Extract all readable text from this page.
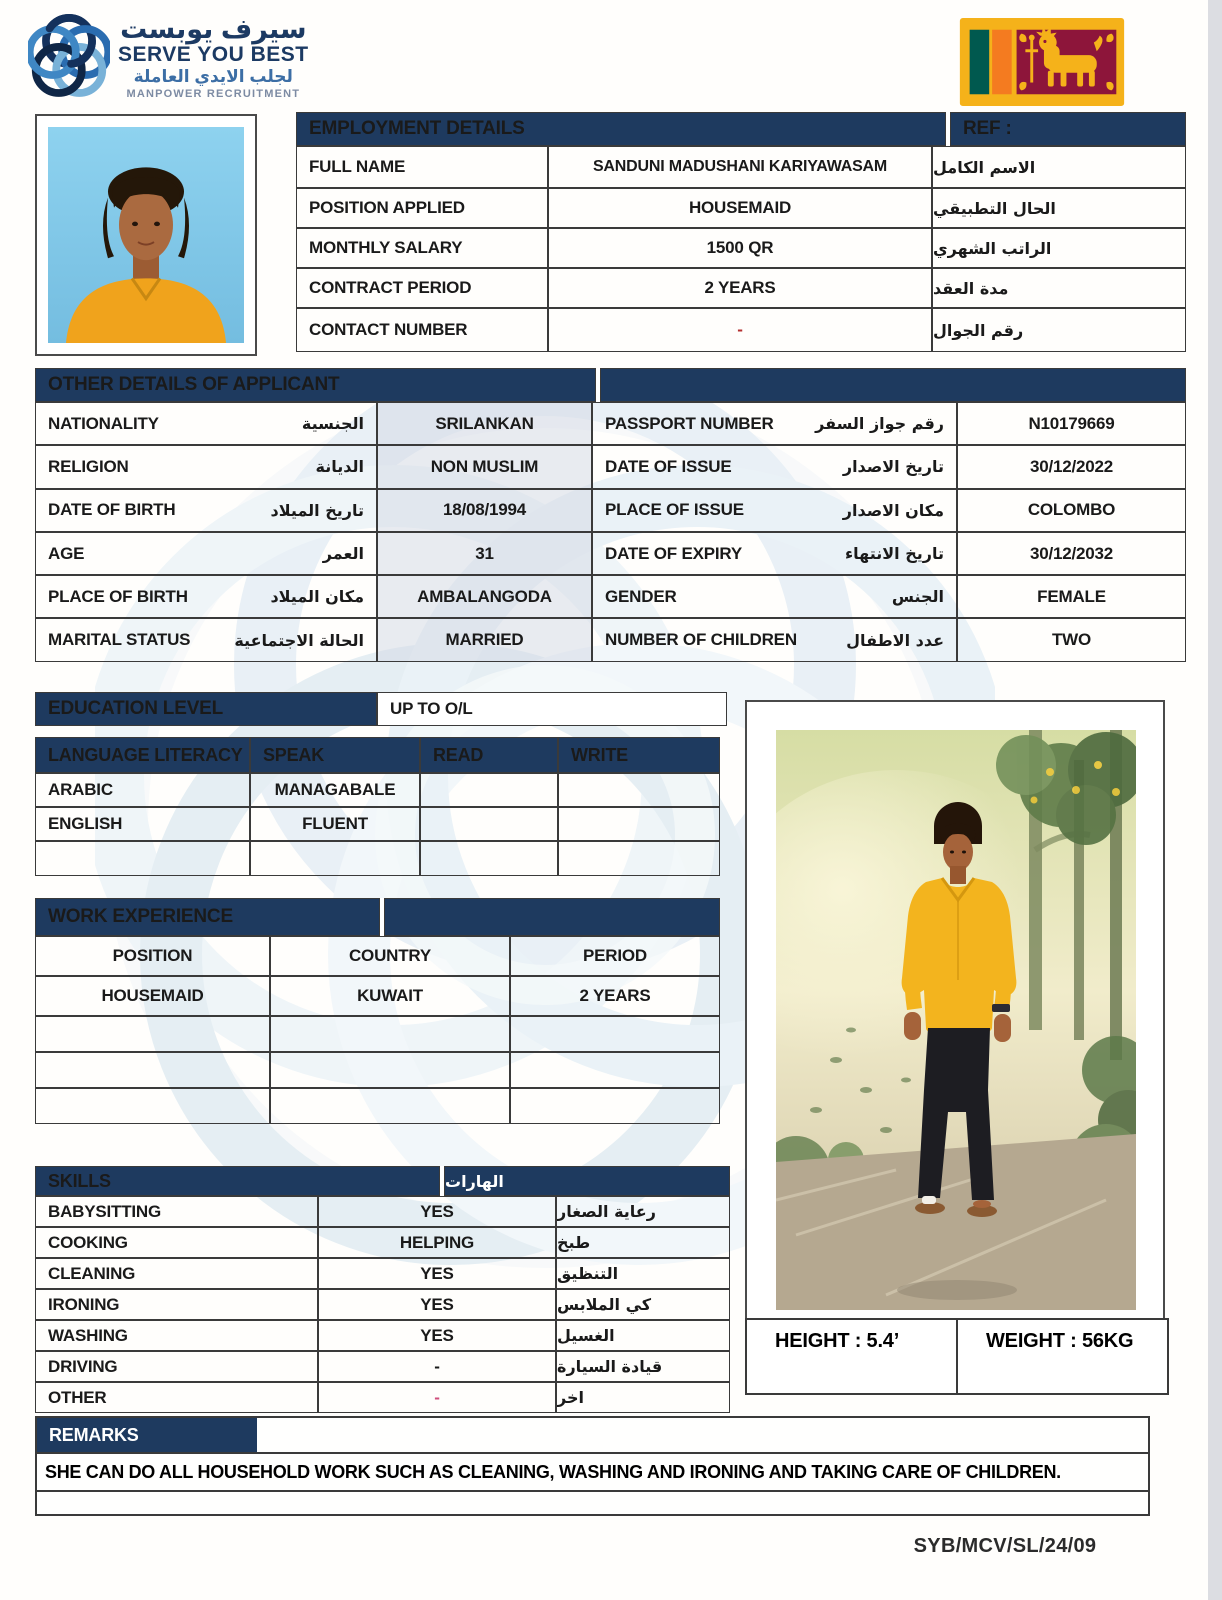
سيرف يوبست
SERVE YOU BEST
لجلب الايدي العاملة
MANPOWER RECRUITMENT
EMPLOYMENT DETAILS	REF :
FULL NAME	SANDUNI MADUSHANI KARIYAWASAM	الاسم الكامل
POSITION APPLIED	HOUSEMAID	الحال التطبيقي
MONTHLY SALARY	1500 QR	الراتب الشهري
CONTRACT PERIOD	2 YEARS	مدة العقد
CONTACT NUMBER	-	رقم الجوال
OTHER DETAILS OF APPLICANT
NATIONALITY	الجنسية	SRILANKAN	PASSPORT NUMBER	رقم جواز السفر	N10179669
RELIGION	الديانة	NON MUSLIM	DATE OF ISSUE	تاريخ الاصدار	30/12/2022
DATE OF BIRTH	تاريخ الميلاد	18/08/1994	PLACE OF ISSUE	مكان الاصدار	COLOMBO
AGE	العمر	31	DATE OF EXPIRY	تاريخ الانتهاء	30/12/2032
PLACE OF BIRTH	مكان الميلاد	AMBALANGODA	GENDER	الجنس	FEMALE
MARITAL STATUS	الحالة الاجتماعية	MARRIED	NUMBER OF CHILDREN	عدد الاطفال	TWO
EDUCATION LEVEL	UP TO O/L
LANGUAGE LITERACY	SPEAK	READ	WRITE
ARABIC	MANAGABALE
ENGLISH	FLUENT
WORK EXPERIENCE
POSITION	COUNTRY	PERIOD
HOUSEMAID	KUWAIT	2 YEARS
SKILLS	الهارات
BABYSITTING	YES	رعاية الصغار
COOKING	HELPING	طبخ
CLEANING	YES	التنظيق
IRONING	YES	كي الملابس
WASHING	YES	الغسيل
DRIVING	-	قيادة السيارة
OTHER	-	اخر
HEIGHT : 5.4’	WEIGHT : 56KG
REMARKS
SHE CAN DO ALL HOUSEHOLD WORK SUCH AS CLEANING, WASHING AND IRONING AND TAKING CARE OF CHILDREN.
SYB/MCV/SL/24/09
